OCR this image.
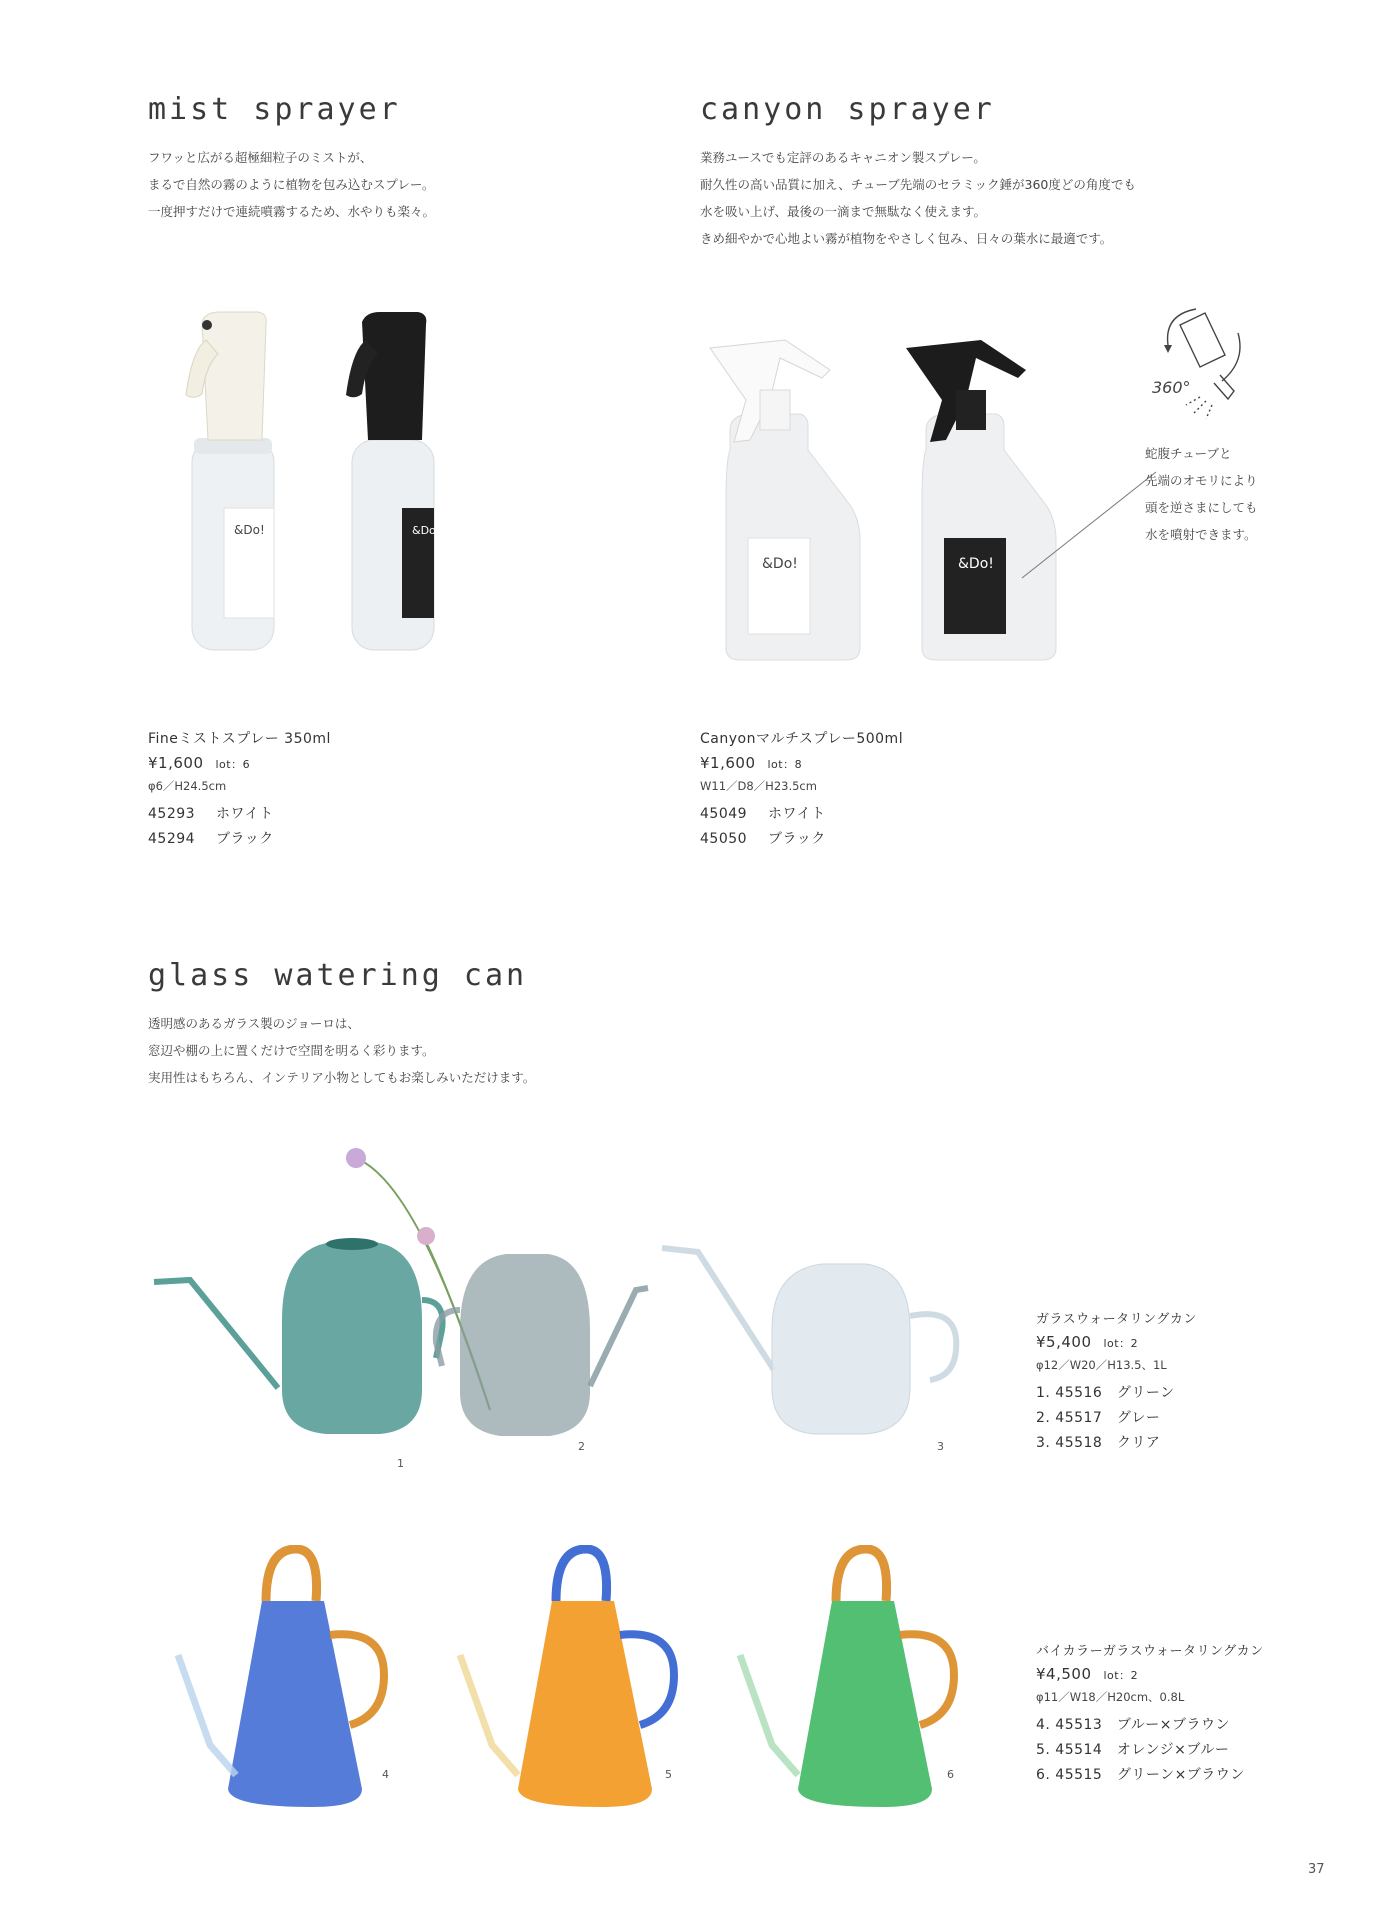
mist sprayer
フワッと広がる超極細粒子のミストが、
まるで自然の霧のように植物を包み込むスプレー。
一度押すだけで連続噴霧するため、水やりも楽々。
&Do!	&Do!
Fineミストスプレー 350ml
¥1,600 lot：6
φ6／H24.5cm
45293 ホワイト
45294 ブラック
canyon sprayer
業務ユースでも定評のあるキャニオン製スプレー。
耐久性の高い品質に加え、チューブ先端のセラミック錘が360度どの角度でも
水を吸い上げ、最後の一滴まで無駄なく使えます。
きめ細やかで心地よい霧が植物をやさしく包み、日々の葉水に最適です。
&Do!	&Do!
360°
蛇腹チューブと
先端のオモリにより
頭を逆さまにしても
水を噴射できます。
Canyonマルチスプレー500ml
¥1,600 lot：8
W11／D8／H23.5cm
45049 ホワイト
45050 ブラック
glass watering can
透明感のあるガラス製のジョーロは、
窓辺や棚の上に置くだけで空間を明るく彩ります。
実用性はもちろん、インテリア小物としてもお楽しみいただけます。
1
2	3
ガラスウォータリングカン
¥5,400 lot：2
φ12／W20／H13.5、1L
1. 45516　グリーン
2. 45517　グレー
3. 45518　クリア
4	5	6
バイカラーガラスウォータリングカン
¥4,500 lot：2
φ11／W18／H20cm、0.8L
4. 45513　ブルー×ブラウン
5. 45514　オレンジ×ブルー
6. 45515　グリーン×ブラウン
37
